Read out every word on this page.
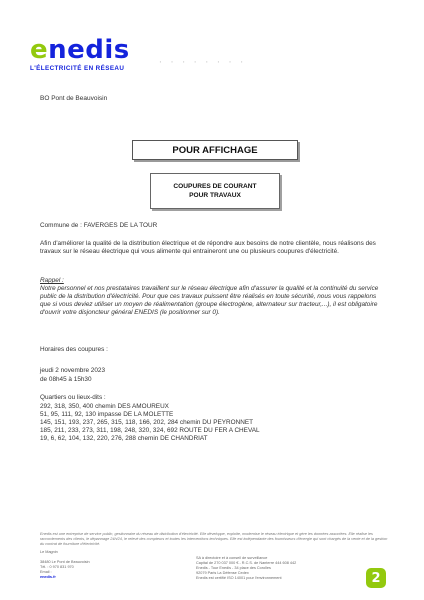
enedis
L'ÉLECTRICITÉ EN RÉSEAU
· · · · · · · ·
BO Pont de Beauvoisin
POUR AFFICHAGE
COUPURES DE COURANT
POUR TRAVAUX
Commune de : FAVERGES DE LA TOUR
Afin d'améliorer la qualité de la distribution électrique et de répondre aux besoins de notre clientèle, nous réalisons des travaux sur le réseau électrique qui vous alimente qui entraineront une ou plusieurs coupures d'électricité.
Rappel :
Notre personnel et nos prestataires travaillent sur le réseau électrique afin d'assurer la qualité et la continuité du service public de la distribution d'électricité. Pour que ces travaux puissent être réalisés en toute sécurité, nous vous rappelons que si vous deviez utiliser un moyen de réalimentation (groupe électrogène, alternateur sur tracteur,...), il est obligatoire d'ouvrir votre disjoncteur général ENEDIS (le positionner sur 0).
Horaires des coupures :
jeudi 2 novembre 2023
de 08h45 à 15h30
Quartiers ou lieux-dits :
292, 318, 350, 400 chemin DES AMOUREUX
51, 95, 111, 92, 130 impasse DE LA MOLETTE
145, 151, 193, 237, 265, 315, 118, 166, 202, 284 chemin DU PEYRONNET
185, 211, 233, 273, 311, 198, 248, 320, 324, 692 ROUTE DU FER A CHEVAL
19, 6, 62, 104, 132, 220, 276, 288 chemin DE CHANDRIAT
Enedis est une entreprise de service public, gestionnaire du réseau de distribution d'électricité. Elle développe, exploite, modernise le réseau électrique et gère les données associées. Elle réalise les raccordements des clients, le dépannage 24h/24, le relevé des compteurs et toutes les interventions techniques. Elle est indépendante des fournisseurs d'énergie qui sont chargés de la vente et de la gestion du contrat de fourniture d'électricité.
Le Magnin
38480 Le Pont de Beauvoisin
Tél. : 0 970 831 970
Email :
enedis.fr
SA à directoire et à conseil de surveillance
Capital de 270 037 000 € - R.C.S. de Nanterre 444 608 442
Enedis - Tour Enedis - 34 place des Corolles
92079 Paris La Défense Cedex
Enedis est certifié ISO 14001 pour l'environnement	2
